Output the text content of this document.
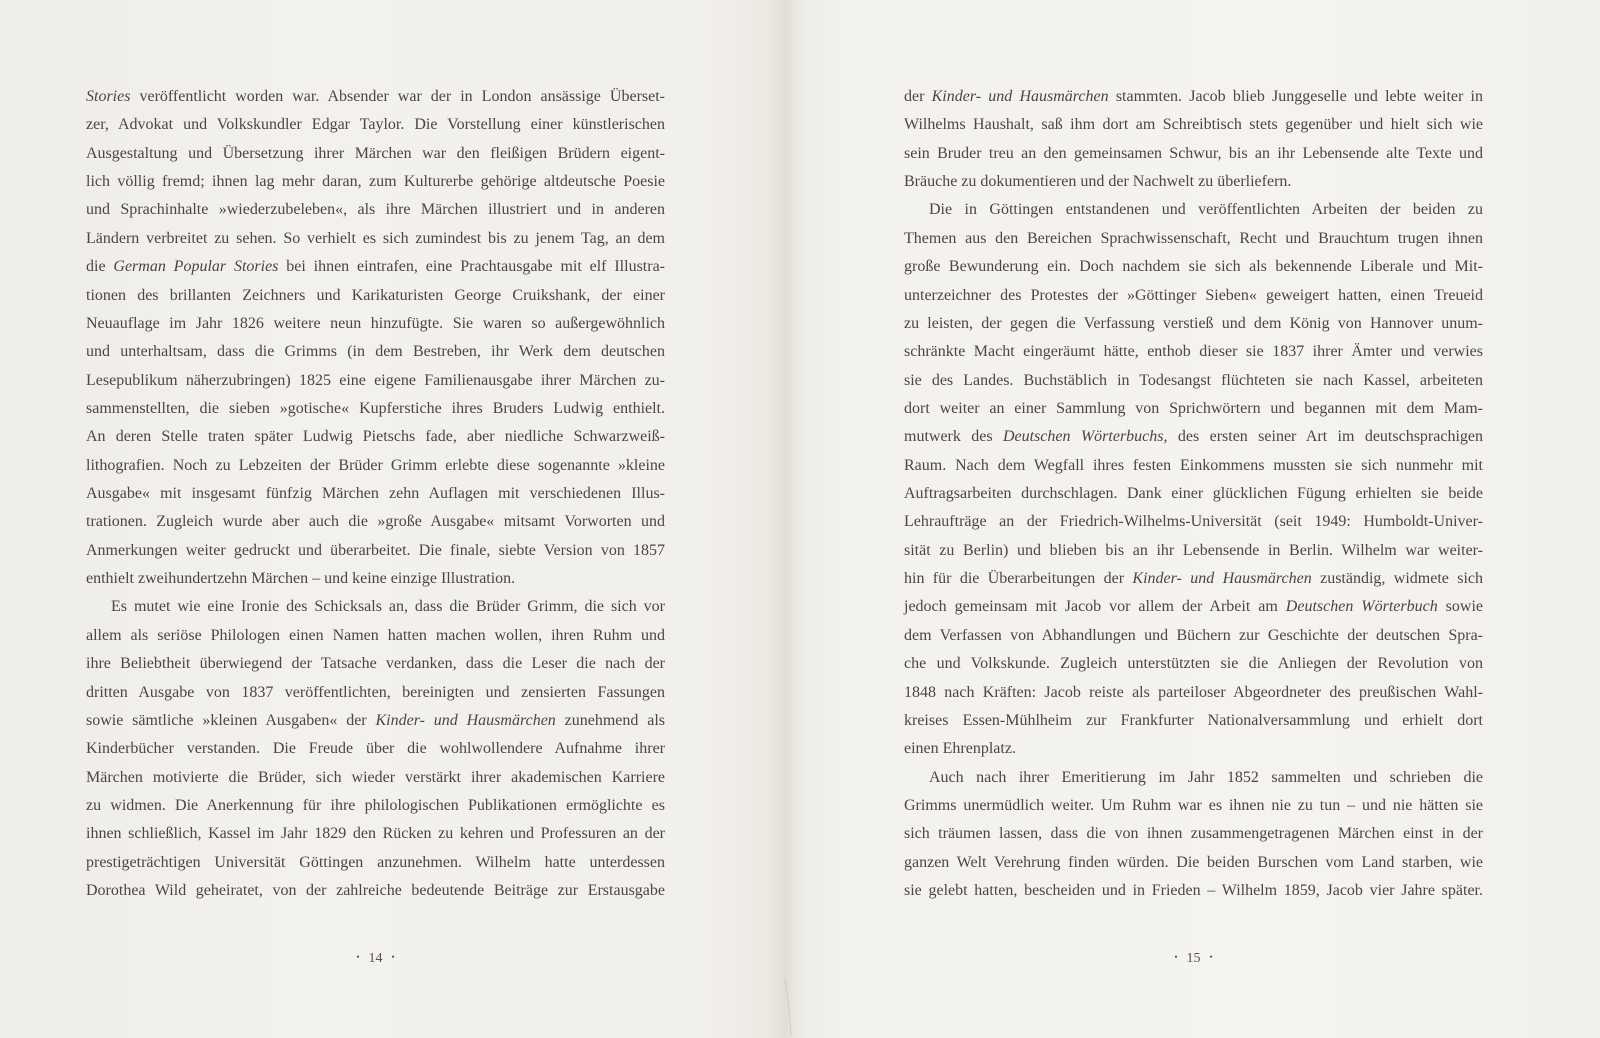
Stories veröffentlicht worden war. Absender war der in London ansässige Überset-
zer, Advokat und Volkskundler Edgar Taylor. Die Vorstellung einer künstlerischen
Ausgestaltung und Übersetzung ihrer Märchen war den fleißigen Brüdern eigent-
lich völlig fremd; ihnen lag mehr daran, zum Kulturerbe gehörige altdeutsche Poesie
und Sprachinhalte »wiederzubeleben«, als ihre Märchen illustriert und in anderen
Ländern verbreitet zu sehen. So verhielt es sich zumindest bis zu jenem Tag, an dem
die German Popular Stories bei ihnen eintrafen, eine Prachtausgabe mit elf Illustra-
tionen des brillanten Zeichners und Karikaturisten George Cruikshank, der einer
Neuauflage im Jahr 1826 weitere neun hinzufügte. Sie waren so außergewöhnlich
und unterhaltsam, dass die Grimms (in dem Bestreben, ihr Werk dem deutschen
Lesepublikum näherzubringen) 1825 eine eigene Familienausgabe ihrer Märchen zu-
sammenstellten, die sieben »gotische« Kupferstiche ihres Bruders Ludwig enthielt.
An deren Stelle traten später Ludwig Pietschs fade, aber niedliche Schwarzweiß-
lithografien. Noch zu Lebzeiten der Brüder Grimm erlebte diese sogenannte »kleine
Ausgabe« mit insgesamt fünfzig Märchen zehn Auflagen mit verschiedenen Illus-
trationen. Zugleich wurde aber auch die »große Ausgabe« mitsamt Vorworten und
Anmerkungen weiter gedruckt und überarbeitet. Die finale, siebte Version von 1857
enthielt zweihundertzehn Märchen – und keine einzige Illustration.
Es mutet wie eine Ironie des Schicksals an, dass die Brüder Grimm, die sich vor
allem als seriöse Philologen einen Namen hatten machen wollen, ihren Ruhm und
ihre Beliebtheit überwiegend der Tatsache verdanken, dass die Leser die nach der
dritten Ausgabe von 1837 veröffentlichten, bereinigten und zensierten Fassungen
sowie sämtliche »kleinen Ausgaben« der Kinder- und Hausmärchen zunehmend als
Kinderbücher verstanden. Die Freude über die wohlwollendere Aufnahme ihrer
Märchen motivierte die Brüder, sich wieder verstärkt ihrer akademischen Karriere
zu widmen. Die Anerkennung für ihre philologischen Publikationen ermöglichte es
ihnen schließlich, Kassel im Jahr 1829 den Rücken zu kehren und Professuren an der
prestigeträchtigen Universität Göttingen anzunehmen. Wilhelm hatte unterdessen
Dorothea Wild geheiratet, von der zahlreiche bedeutende Beiträge zur Erstausgabe
• 14 •
der Kinder- und Hausmärchen stammten. Jacob blieb Junggeselle und lebte weiter in
Wilhelms Haushalt, saß ihm dort am Schreibtisch stets gegenüber und hielt sich wie
sein Bruder treu an den gemeinsamen Schwur, bis an ihr Lebensende alte Texte und
Bräuche zu dokumentieren und der Nachwelt zu überliefern.
Die in Göttingen entstandenen und veröffentlichten Arbeiten der beiden zu
Themen aus den Bereichen Sprachwissenschaft, Recht und Brauchtum trugen ihnen
große Bewunderung ein. Doch nachdem sie sich als bekennende Liberale und Mit-
unterzeichner des Protestes der »Göttinger Sieben« geweigert hatten, einen Treueid
zu leisten, der gegen die Verfassung verstieß und dem König von Hannover unum-
schränkte Macht eingeräumt hätte, enthob dieser sie 1837 ihrer Ämter und verwies
sie des Landes. Buchstäblich in Todesangst flüchteten sie nach Kassel, arbeiteten
dort weiter an einer Sammlung von Sprichwörtern und begannen mit dem Mam-
mutwerk des Deutschen Wörterbuchs, des ersten seiner Art im deutschsprachigen
Raum. Nach dem Wegfall ihres festen Einkommens mussten sie sich nunmehr mit
Auftragsarbeiten durchschlagen. Dank einer glücklichen Fügung erhielten sie beide
Lehraufträge an der Friedrich-Wilhelms-Universität (seit 1949: Humboldt-Univer-
sität zu Berlin) und blieben bis an ihr Lebensende in Berlin. Wilhelm war weiter-
hin für die Überarbeitungen der Kinder- und Hausmärchen zuständig, widmete sich
jedoch gemeinsam mit Jacob vor allem der Arbeit am Deutschen Wörterbuch sowie
dem Verfassen von Abhandlungen und Büchern zur Geschichte der deutschen Spra-
che und Volkskunde. Zugleich unterstützten sie die Anliegen der Revolution von
1848 nach Kräften: Jacob reiste als parteiloser Abgeordneter des preußischen Wahl-
kreises Essen-Mühlheim zur Frankfurter Nationalversammlung und erhielt dort
einen Ehrenplatz.
Auch nach ihrer Emeritierung im Jahr 1852 sammelten und schrieben die
Grimms unermüdlich weiter. Um Ruhm war es ihnen nie zu tun – und nie hätten sie
sich träumen lassen, dass die von ihnen zusammengetragenen Märchen einst in der
ganzen Welt Verehrung finden würden. Die beiden Burschen vom Land starben, wie
sie gelebt hatten, bescheiden und in Frieden – Wilhelm 1859, Jacob vier Jahre später.
• 15 •
